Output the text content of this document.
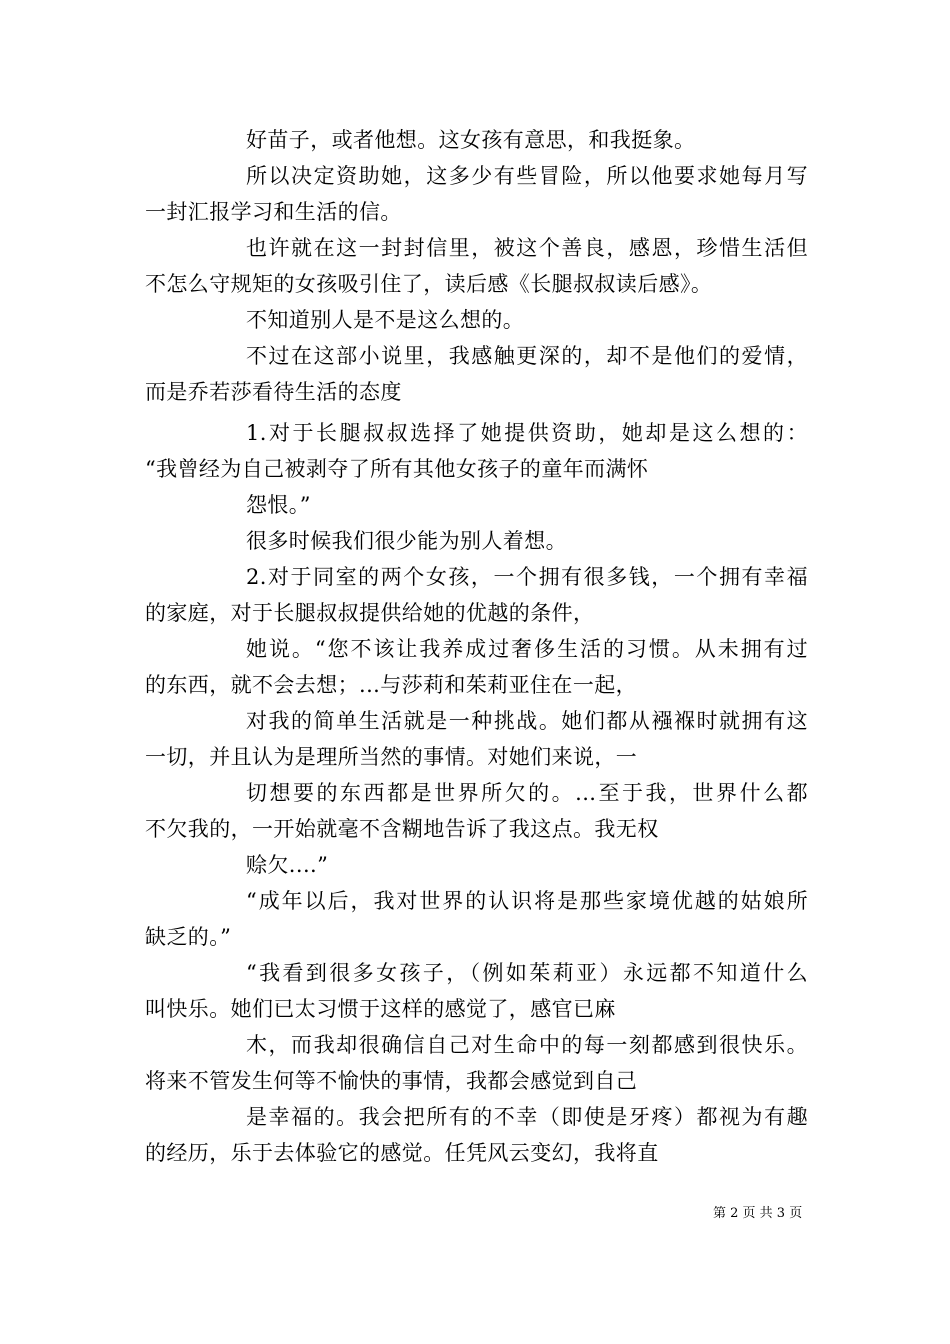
好苗子，或者他想。这女孩有意思，和我挺象。
所以决定资助她，这多少有些冒险，所以他要求她每月写
一封汇报学习和生活的信。
也许就在这一封封信里，被这个善良，感恩，珍惜生活但
不怎么守规矩的女孩吸引住了，读后感《长腿叔叔读后感》。
不知道别人是不是这么想的。
不过在这部小说里，我感触更深的，却不是他们的爱情，
而是乔若莎看待生活的态度
1.对于长腿叔叔选择了她提供资助，她却是这么想的：
“我曾经为自己被剥夺了所有其他女孩子的童年而满怀
怨恨。”
很多时候我们很少能为别人着想。
2.对于同室的两个女孩，一个拥有很多钱，一个拥有幸福
的家庭，对于长腿叔叔提供给她的优越的条件，
她说。“您不该让我养成过奢侈生活的习惯。从未拥有过
的东西，就不会去想；...与莎莉和茱莉亚住在一起，
对我的简单生活就是一种挑战。她们都从襁褓时就拥有这
一切，并且认为是理所当然的事情。对她们来说，一
切想要的东西都是世界所欠的。...至于我，世界什么都
不欠我的，一开始就毫不含糊地告诉了我这点。我无权
赊欠....”
“成年以后，我对世界的认识将是那些家境优越的姑娘所
缺乏的。”
“我看到很多女孩子，（例如茱莉亚）永远都不知道什么
叫快乐。她们已太习惯于这样的感觉了，感官已麻
木，而我却很确信自己对生命中的每一刻都感到很快乐。
将来不管发生何等不愉快的事情，我都会感觉到自己
是幸福的。我会把所有的不幸（即使是牙疼）都视为有趣
的经历，乐于去体验它的感觉。任凭风云变幻，我将直
第 2 页 共 3 页
